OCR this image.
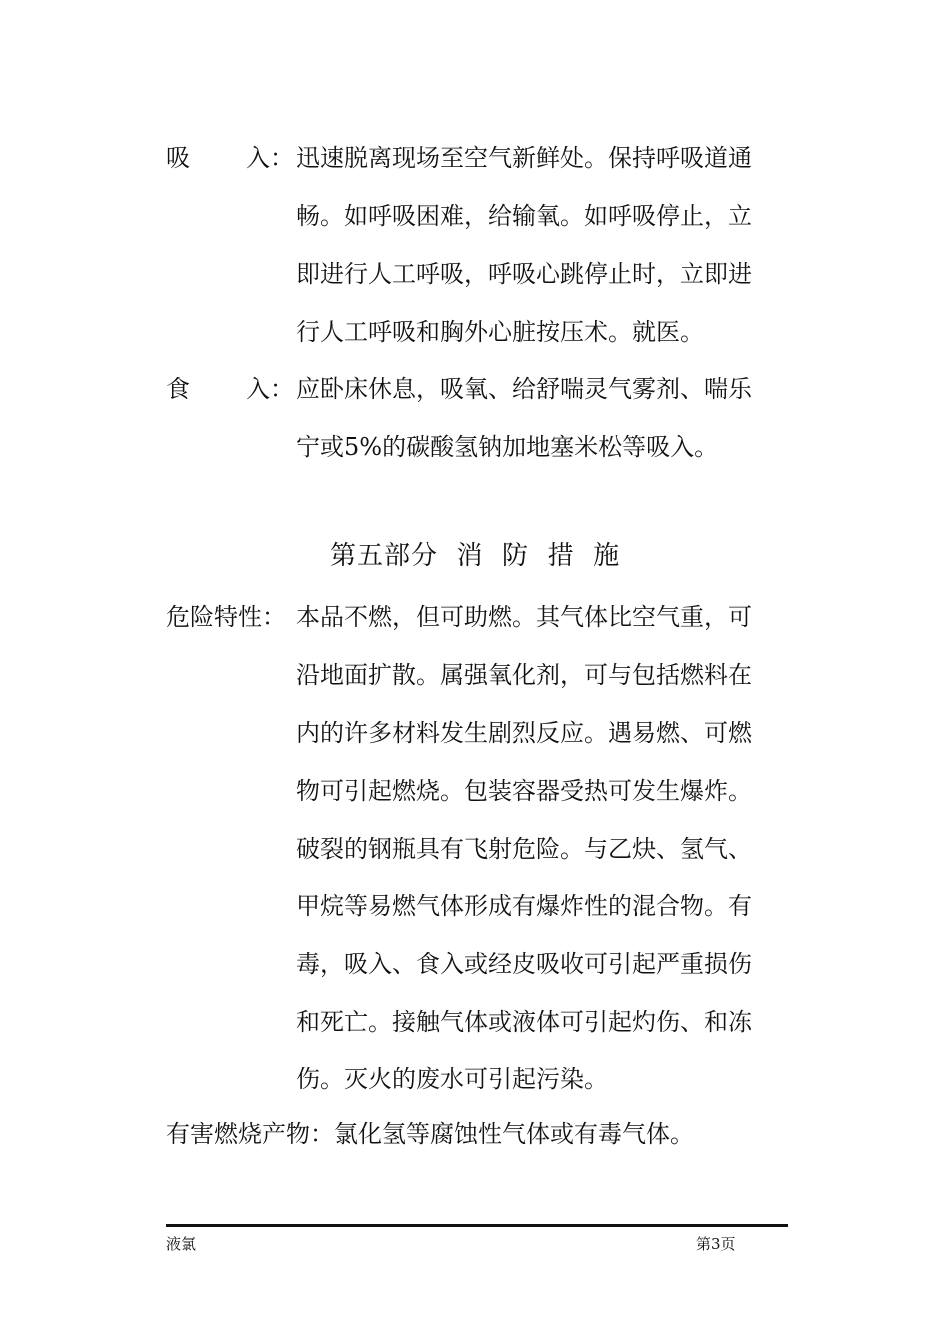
吸 入： 迅速脱离现场至空气新鲜处。保持呼吸道通
畅。如呼吸困难，给输氧。如呼吸停止，立
即进行人工呼吸，呼吸心跳停止时，立即进
行人工呼吸和胸外心脏按压术。就医。
食 入： 应卧床休息，吸氧、给舒喘灵气雾剂、喘乐
宁或5%的碳酸氢钠加地塞米松等吸入。
第五部分  消  防  措  施
危险特性： 本品不燃，但可助燃。其气体比空气重，可
沿地面扩散。属强氧化剂，可与包括燃料在
内的许多材料发生剧烈反应。遇易燃、可燃
物可引起燃烧。包装容器受热可发生爆炸。
破裂的钢瓶具有飞射危险。与乙炔、氢气、
甲烷等易燃气体形成有爆炸性的混合物。有
毒，吸入、食入或经皮吸收可引起严重损伤
和死亡。接触气体或液体可引起灼伤、和冻
伤。灭火的废水可引起污染。
有害燃烧产物：氯化氢等腐蚀性气体或有毒气体。
液氯	第3页
